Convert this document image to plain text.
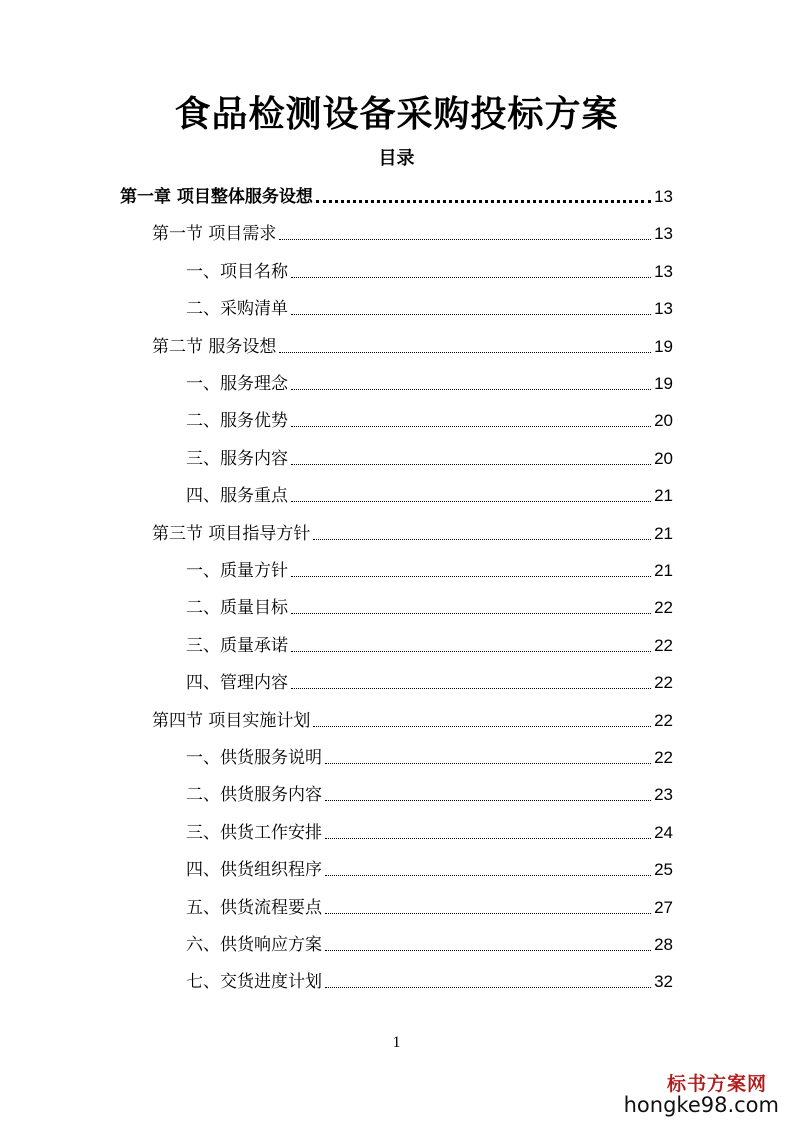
食品检测设备采购投标方案
目录
第一章 项目整体服务设想	13
第一节 项目需求	13
一、项目名称	13
二、采购清单	13
第二节 服务设想	19
一、服务理念	19
二、服务优势	20
三、服务内容	20
四、服务重点	21
第三节 项目指导方针	21
一、质量方针	21
二、质量目标	22
三、质量承诺	22
四、管理内容	22
第四节 项目实施计划	22
一、供货服务说明	22
二、供货服务内容	23
三、供货工作安排	24
四、供货组织程序	25
五、供货流程要点	27
六、供货响应方案	28
七、交货进度计划	32
1
标书方案网
hongke98.com
